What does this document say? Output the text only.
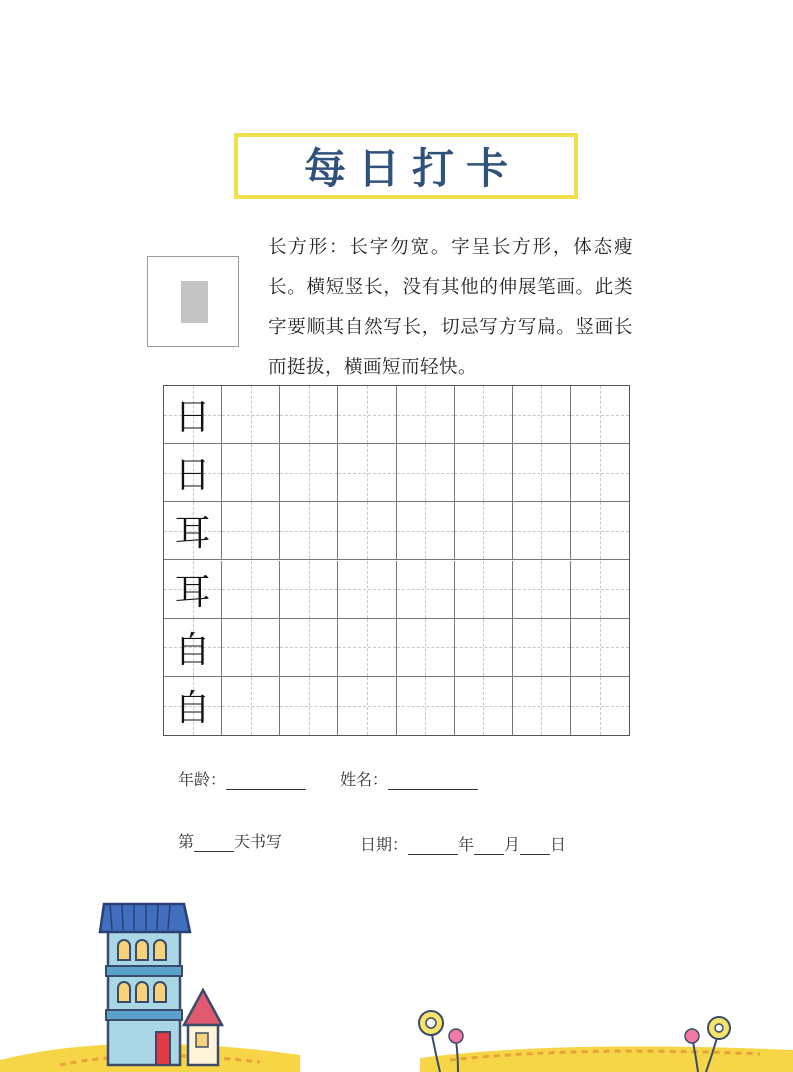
每日打卡
长方形：长字勿宽。字呈长方形，体态瘦长。横短竖长，没有其他的伸展笔画。此类字要顺其自然写长，切忌写方写扁。竖画长而挺拔，横画短而轻快。
日
日
耳
耳
自
自
年龄：	姓名：
第	天书写	日期：	年 月 日
